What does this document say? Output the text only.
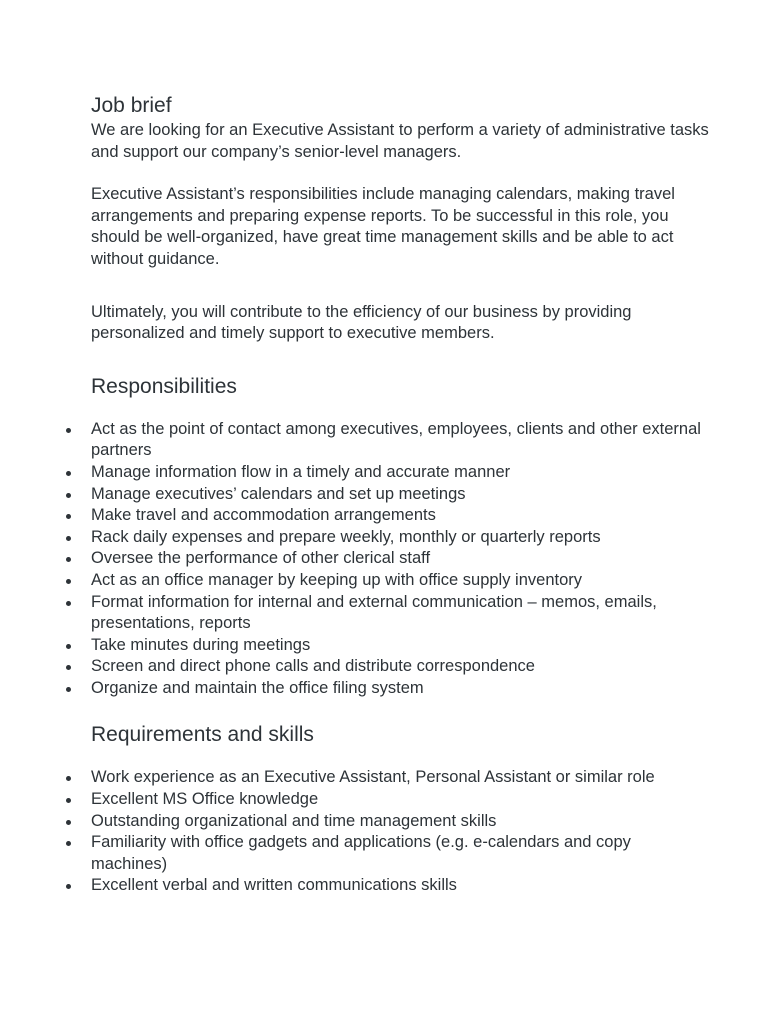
Job brief

We are looking for an Executive Assistant to perform a variety of administrative tasks and support our company’s senior-level managers.

Executive Assistant’s responsibilities include managing calendars, making travel arrangements and preparing expense reports. To be successful in this role, you should be well-organized, have great time management skills and be able to act without guidance.

Ultimately, you will contribute to the efficiency of our business by providing personalized and timely support to executive members.

Responsibilities
Act as the point of contact among executives, employees, clients and other external partners
Manage information flow in a timely and accurate manner
Manage executives’ calendars and set up meetings
Make travel and accommodation arrangements
Rack daily expenses and prepare weekly, monthly or quarterly reports
Oversee the performance of other clerical staff
Act as an office manager by keeping up with office supply inventory
Format information for internal and external communication – memos, emails, presentations, reports
Take minutes during meetings
Screen and direct phone calls and distribute correspondence
Organize and maintain the office filing system
Requirements and skills
Work experience as an Executive Assistant, Personal Assistant or similar role
Excellent MS Office knowledge
Outstanding organizational and time management skills
Familiarity with office gadgets and applications (e.g. e-calendars and copy machines)
Excellent verbal and written communications skills
